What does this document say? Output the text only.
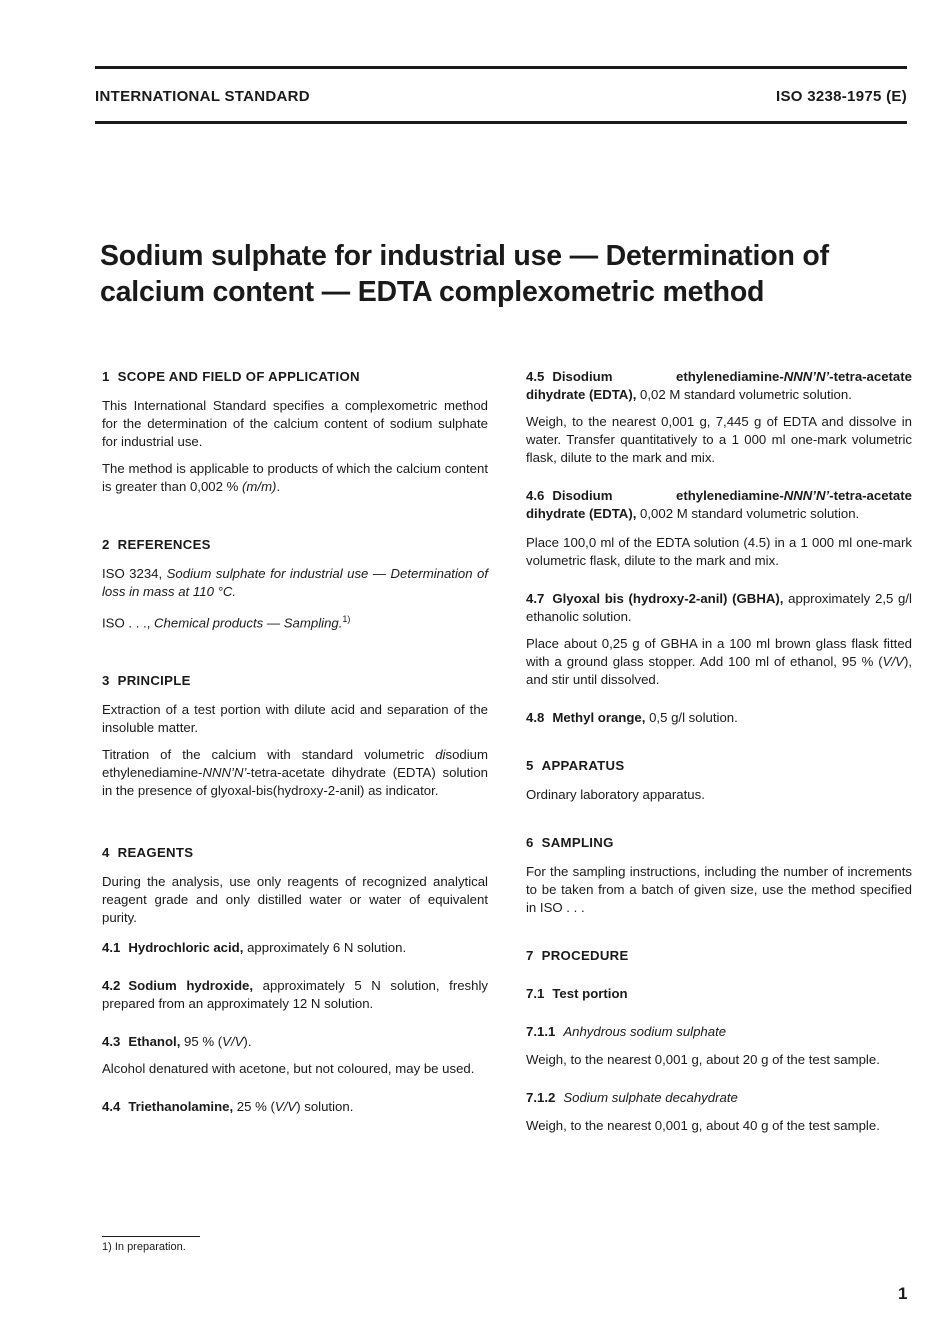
INTERNATIONAL STANDARD	ISO 3238-1975 (E)
Sodium sulphate for industrial use — Determination of
calcium content — EDTA complexometric method
1 SCOPE AND FIELD OF APPLICATION

This International Standard specifies a complexometric method for the determination of the calcium content of sodium sulphate for industrial use.

The method is applicable to products of which the calcium content is greater than 0,002 % (m/m).

2 REFERENCES

ISO 3234, Sodium sulphate for industrial use — Determination of loss in mass at 110 °C.

ISO . . ., Chemical products — Sampling.$^{1)}$

3 PRINCIPLE

Extraction of a test portion with dilute acid and separation of the insoluble matter.

Titration of the calcium with standard volumetric disodium ethylenediamine-NNN’N’-tetra-acetate dihydrate (EDTA) solution in the presence of glyoxal-bis(hydroxy-2-anil) as indicator.

4 REAGENTS

During the analysis, use only reagents of recognized analytical reagent grade and only distilled water or water of equivalent purity.

4.1 Hydrochloric acid, approximately 6 N solution.

4.2 Sodium hydroxide, approximately 5 N solution, freshly prepared from an approximately 12 N solution.

4.3 Ethanol, 95 % (V/V).

Alcohol denatured with acetone, but not coloured, may be used.

4.4 Triethanolamine, 25 % (V/V) solution.

4.5 Disodium ethylenediamine-NNN’N’-tetra-acetate dihydrate (EDTA), 0,02 M standard volumetric solution.

Weigh, to the nearest 0,001 g, 7,445 g of EDTA and dissolve in water. Transfer quantitatively to a 1 000 ml one-mark volumetric flask, dilute to the mark and mix.

4.6 Disodium ethylenediamine-NNN’N’-tetra-acetate dihydrate (EDTA), 0,002 M standard volumetric solution.

Place 100,0 ml of the EDTA solution (4.5) in a 1 000 ml one-mark volumetric flask, dilute to the mark and mix.

4.7 Glyoxal bis (hydroxy-2-anil) (GBHA), approximately 2,5 g/l ethanolic solution.

Place about 0,25 g of GBHA in a 100 ml brown glass flask fitted with a ground glass stopper. Add 100 ml of ethanol, 95 % (V/V), and stir until dissolved.

4.8 Methyl orange, 0,5 g/l solution.

5 APPARATUS

Ordinary laboratory apparatus.

6 SAMPLING

For the sampling instructions, including the number of increments to be taken from a batch of given size, use the method specified in ISO . . .

7 PROCEDURE

7.1 Test portion

7.1.1 Anhydrous sodium sulphate

Weigh, to the nearest 0,001 g, about 20 g of the test sample.

7.1.2 Sodium sulphate decahydrate

Weigh, to the nearest 0,001 g, about 40 g of the test sample.

1) In preparation.
1
